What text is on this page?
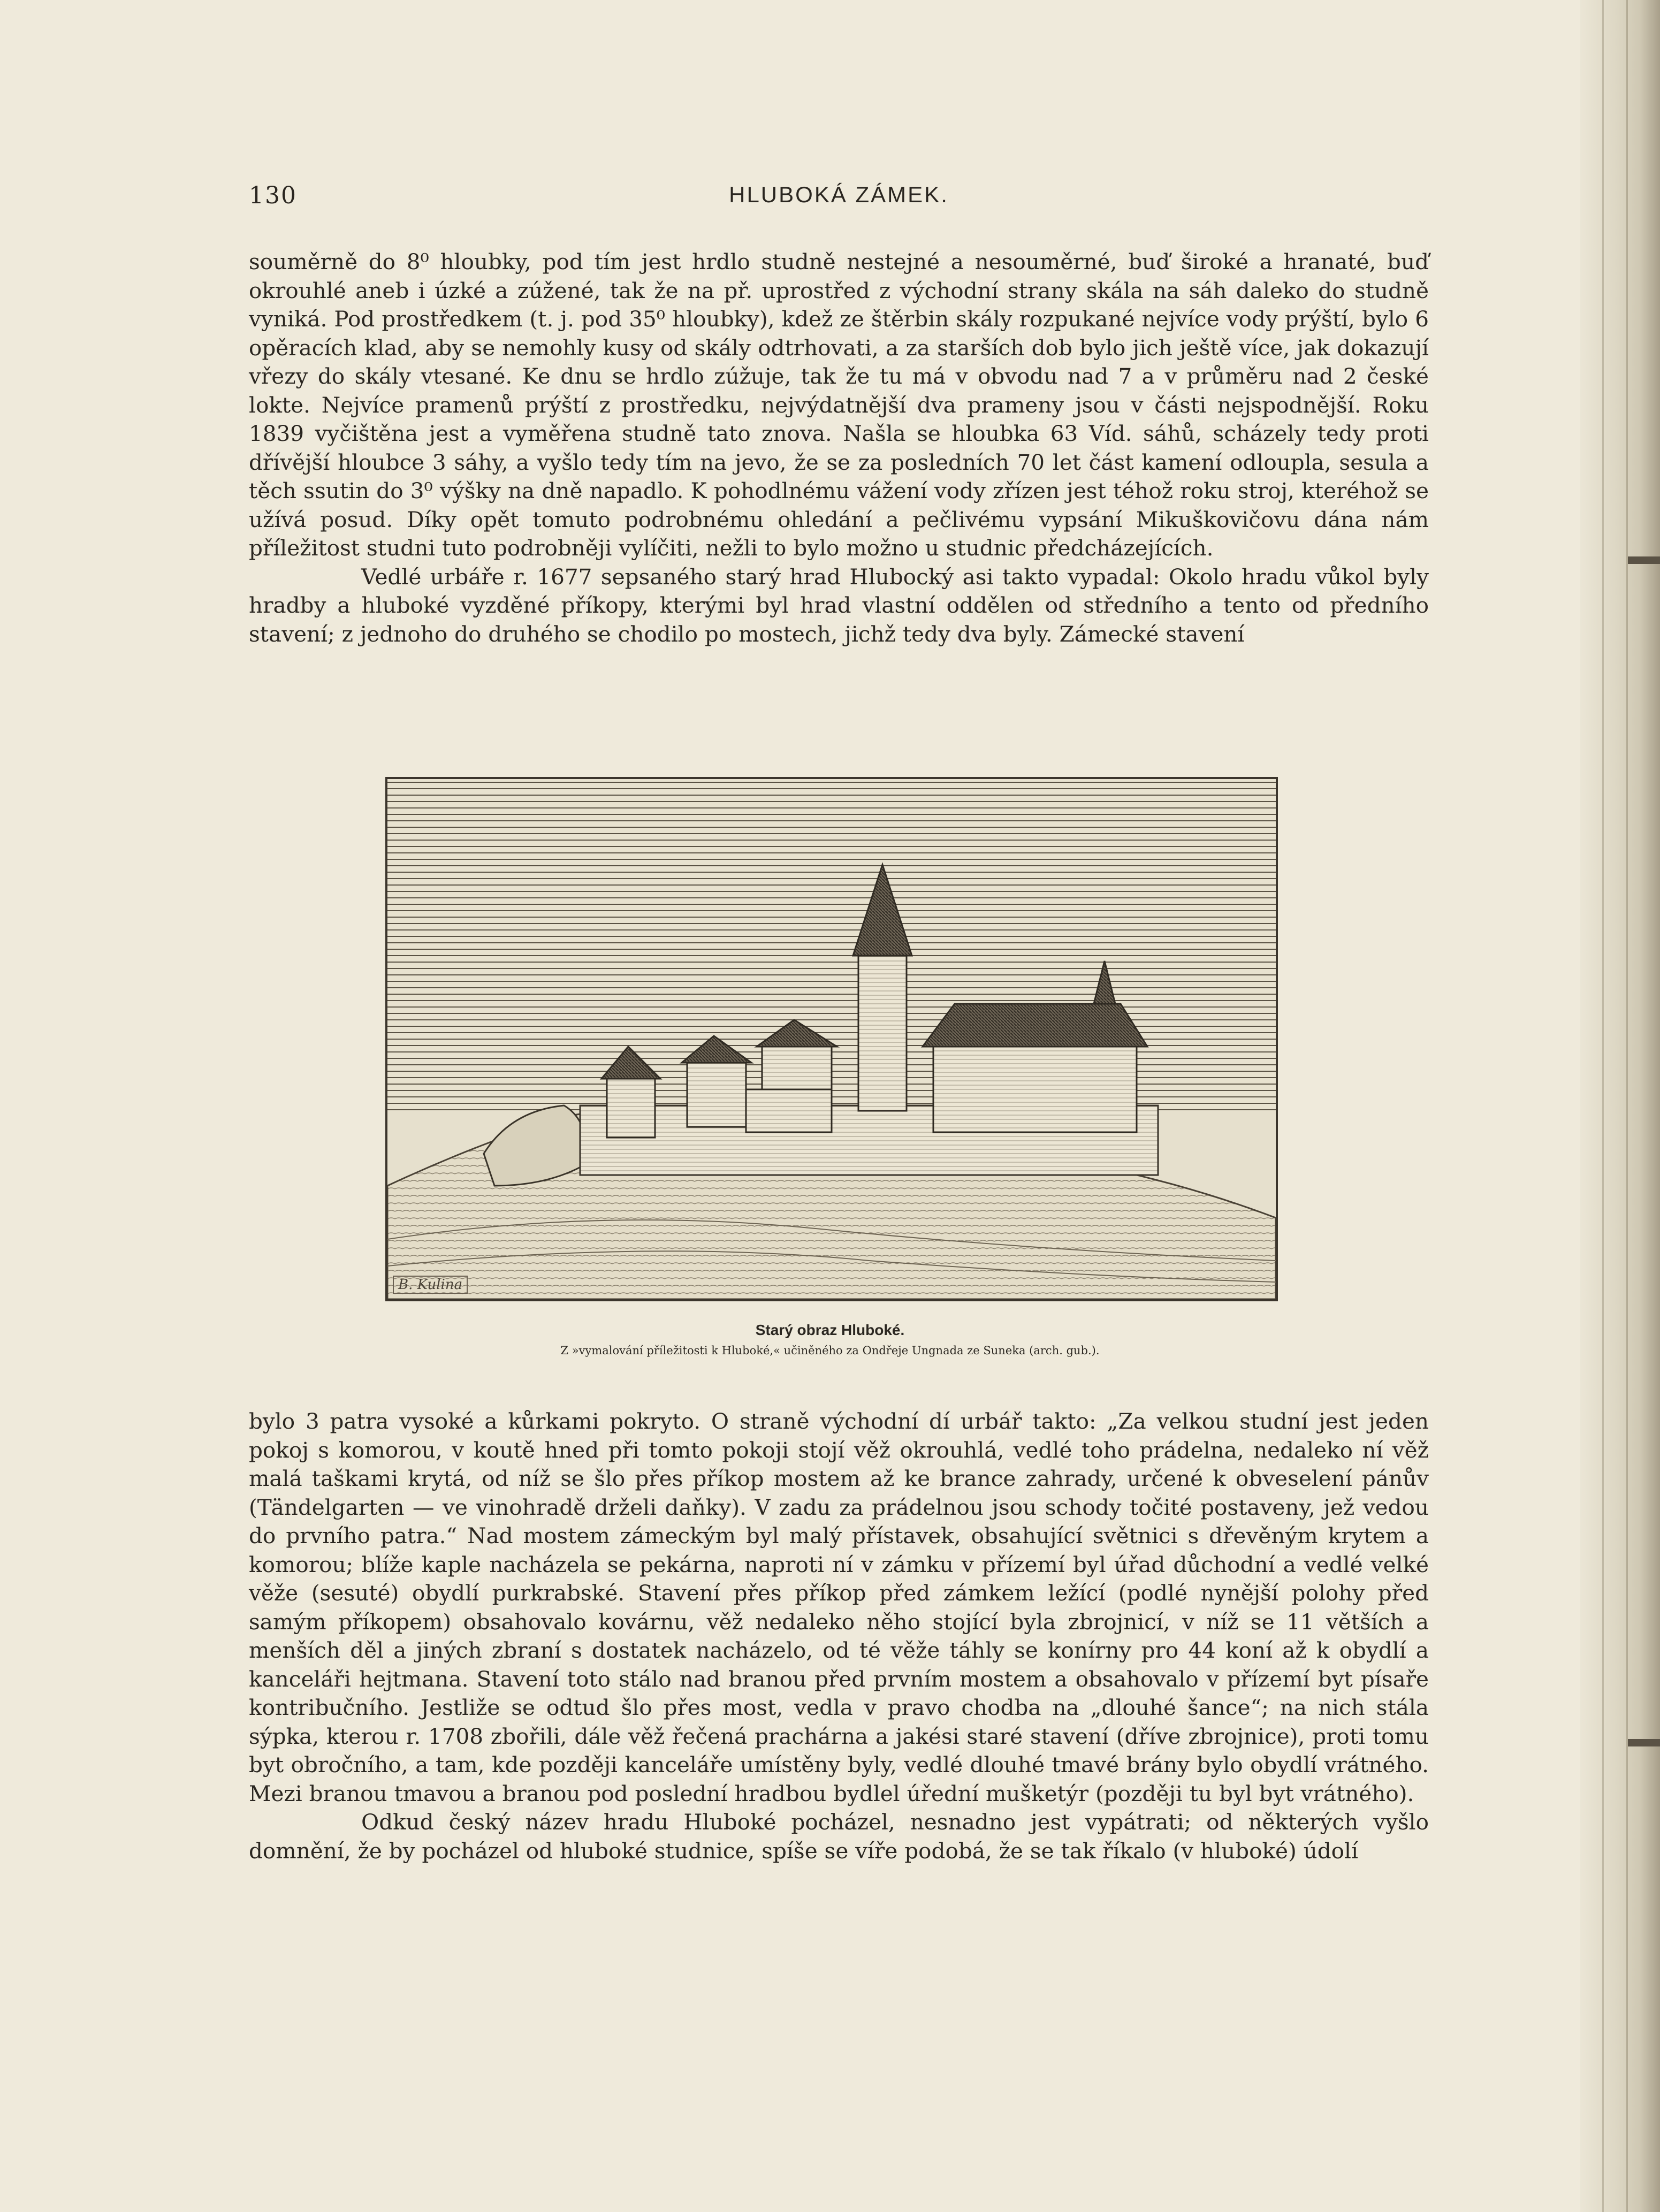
130	HLUBOKÁ ZÁMEK.

souměrně do 8⁰ hloubky, pod tím jest hrdlo studně nestejné a nesouměrné, buď široké a hranaté, buď okrouhlé aneb i úzké a zúžené, tak že na př. uprostřed z východní strany skála na sáh daleko do studně vyniká. Pod prostředkem (t. j. pod 35⁰ hloubky), kdež ze štěrbin skály rozpukané nejvíce vody prýští, bylo 6 opěracích klad, aby se nemohly kusy od skály odtrhovati, a za starších dob bylo jich ještě více, jak dokazují vřezy do skály vtesané. Ke dnu se hrdlo zúžuje, tak že tu má v obvodu nad 7 a v průměru nad 2 české lokte. Nejvíce pramenů prýští z prostředku, nejvýdatnější dva prameny jsou v části nejspodnější. Roku 1839 vyčištěna jest a vyměřena studně tato znova. Našla se hloubka 63 Víd. sáhů, scházely tedy proti dřívější hloubce 3 sáhy, a vyšlo tedy tím na jevo, že se za posledních 70 let část kamení odloupla, sesula a těch ssutin do 3⁰ výšky na dně napadlo. K pohodlnému vážení vody zřízen jest téhož roku stroj, kteréhož se užívá posud. Díky opět tomuto podrobnému ohledání a pečlivému vypsání Mikuškovičovu dána nám příležitost studni tuto podrobněji vylíčiti, nežli to bylo možno u studnic předcházejících.

Vedlé urbáře r. 1677 sepsaného starý hrad Hlubocký asi takto vypadal: Okolo hradu vůkol byly hradby a hluboké vyzděné příkopy, kterými byl hrad vlastní oddělen od středního a tento od předního stavení; z jednoho do druhého se chodilo po mostech, jichž tedy dva byly. Zámecké stavení

B. Kulina
Starý obraz Hluboké.
Z »vymalování příležitosti k Hluboké,« učiněného za Ondřeje Ungnada ze Suneka (arch. gub.).

bylo 3 patra vysoké a kůrkami pokryto. O straně východní dí urbář takto: „Za velkou studní jest jeden pokoj s komorou, v koutě hned při tomto pokoji stojí věž okrouhlá, vedlé toho prádelna, nedaleko ní věž malá taškami krytá, od níž se šlo přes příkop mostem až ke brance zahrady, určené k obveselení pánův (Tändelgarten — ve vinohradě drželi daňky). V zadu za prádelnou jsou schody točité postaveny, jež vedou do prvního patra.“ Nad mostem zámeckým byl malý přístavek, obsahující světnici s dřevěným krytem a komorou; blíže kaple nacházela se pekárna, naproti ní v zámku v přízemí byl úřad důchodní a vedlé velké věže (sesuté) obydlí purkrabské. Stavení přes příkop před zámkem ležící (podlé nynější polohy před samým příkopem) obsahovalo kovárnu, věž nedaleko něho stojící byla zbrojnicí, v níž se 11 větších a menších děl a jiných zbraní s dostatek nacházelo, od té věže táhly se konírny pro 44 koní až k obydlí a kanceláři hejtmana. Stavení toto stálo nad branou před prvním mostem a obsahovalo v přízemí byt písaře kontribučního. Jestliže se odtud šlo přes most, vedla v pravo chodba na „dlouhé šance“; na nich stála sýpka, kterou r. 1708 zbořili, dále věž řečená prachárna a jakési staré stavení (dříve zbrojnice), proti tomu byt obročního, a tam, kde později kanceláře umístěny byly, vedlé dlouhé tmavé brány bylo obydlí vrátného. Mezi branou tmavou a branou pod poslední hradbou bydlel úřední mušketýr (později tu byl byt vrátného).

Odkud český název hradu Hluboké pocházel, nesnadno jest vypátrati; od některých vyšlo domnění, že by pocházel od hluboké studnice, spíše se víře podobá, že se tak říkalo (v hluboké) údolí
